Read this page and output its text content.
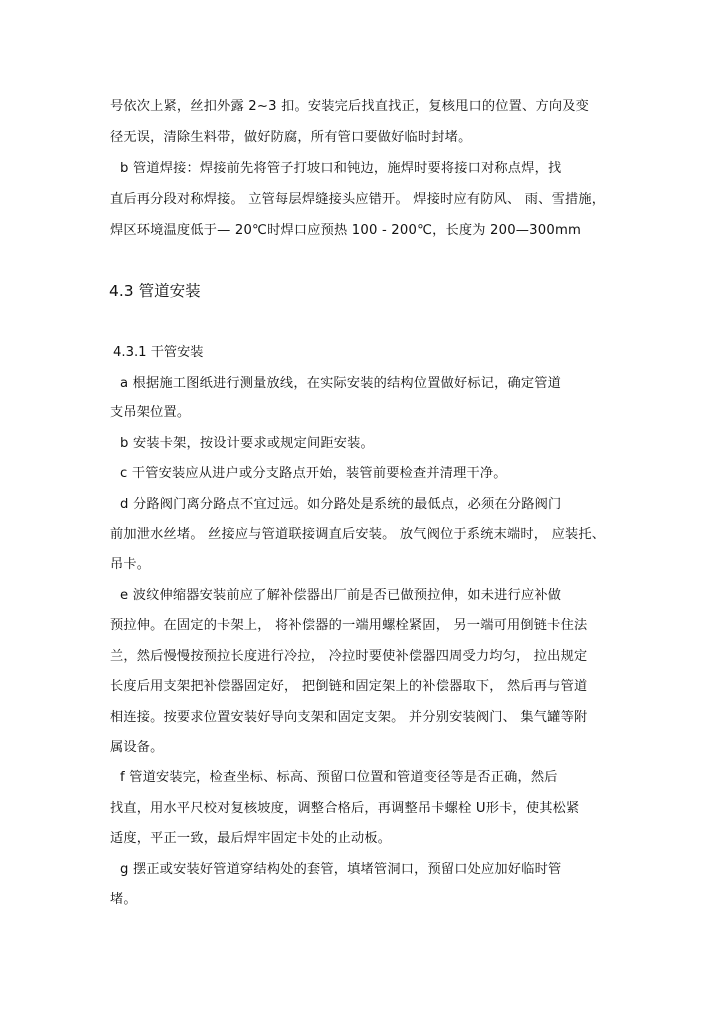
号依次上紧，丝扣外露 2~3 扣。安装完后找直找正，复核甩口的位置、方向及变
径无误，清除生料带，做好防腐，所有管口要做好临时封堵。
b 管道焊接：焊接前先将管子打坡口和钝边，施焊时要将接口对称点焊，找
直后再分段对称焊接。 立管每层焊缝接头应错开。 焊接时应有防风、 雨、雪措施，
焊区环境温度低于— 20℃时焊口应预热 100 - 200℃，长度为 200—300mm
4.3 管道安装
4.3.1 干管安装
a 根据施工图纸进行测量放线，在实际安装的结构位置做好标记，确定管道
支吊架位置。
b 安装卡架，按设计要求或规定间距安装。
c 干管安装应从进户或分支路点开始，装管前要检查并清理干净。
d 分路阀门离分路点不宜过远。如分路处是系统的最低点，必须在分路阀门
前加泄水丝堵。 丝接应与管道联接调直后安装。 放气阀位于系统末端时， 应装托、
吊卡。
e 波纹伸缩器安装前应了解补偿器出厂前是否已做预拉伸，如未进行应补做
预拉伸。在固定的卡架上， 将补偿器的一端用螺栓紧固， 另一端可用倒链卡住法
兰，然后慢慢按预拉长度进行冷拉， 冷拉时要使补偿器四周受力均匀， 拉出规定
长度后用支架把补偿器固定好， 把倒链和固定架上的补偿器取下， 然后再与管道
相连接。按要求位置安装好导向支架和固定支架。 并分别安装阀门、 集气罐等附
属设备。
f 管道安装完，检查坐标、标高、预留口位置和管道变径等是否正确，然后
找直，用水平尺校对复核坡度，调整合格后，再调整吊卡螺栓 U形卡，使其松紧
适度，平正一致，最后焊牢固定卡处的止动板。
g 摆正或安装好管道穿结构处的套管，填堵管洞口，预留口处应加好临时管
堵。
